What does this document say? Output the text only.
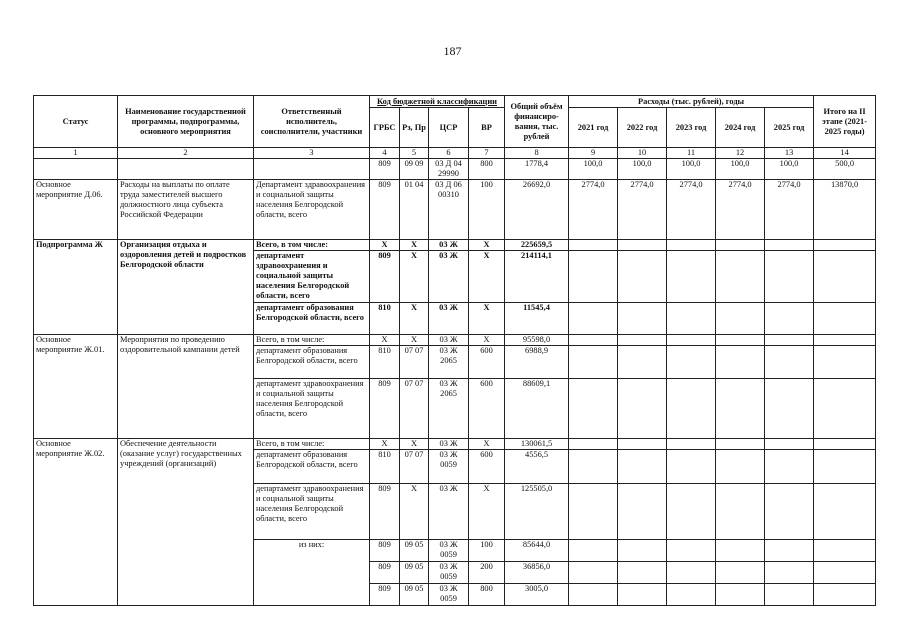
187
Статус	Наименование государственной программы, подпрограммы, основного мероприятия	Ответственный исполнитель, соисполнители, участники	Код бюджетной классификации				Общий объём финансиро-вания, тыс. рублей	Расходы (тыс. рублей), годы					Итого на II этапе (2021-2025 годы)
			ГРБС	Рз, Пр	ЦСР	ВР		2021 год	2022 год	2023 год	2024 год	2025 год	
1	2	3	4	5	6	7	8	9	10	11	12	13	14
			809	09 09	03 Д 04 29990	800	1778,4	100,0	100,0	100,0	100,0	100,0	500,0
Основное мероприятие Д.06.	Расходы на выплаты по оплате труда заместителей высшего должностного лица субъекта Российской Федерации	Департамент здравоохранения и социальной защиты населения Белгородской области, всего	809	01 04	03 Д 06 00310	100	26692,0	2774,0	2774,0	2774,0	2774,0	2774,0	13870,0
Подпрограмма Ж	Организация отдыха и оздоровления детей и подростков Белгородской области	Всего, в том числе:	X	X	03 Ж	X	225659,5						
		департамент здравоохранения и социальной защиты населения Белгородской области, всего	809	X	03 Ж	X	214114,1						
		департамент образования Белгородской области, всего	810	X	03 Ж	X	11545,4						
Основное мероприятие Ж.01.	Мероприятия по проведению оздоровительной кампании детей	Всего, в том числе:	X	X	03 Ж	X	95598,0						
		департамент образования Белгородской области, всего	810	07 07	03 Ж 2065	600	6988,9						
		департамент здравоохранения и социальной защиты населения Белгородской области, всего	809	07 07	03 Ж 2065	600	88609,1						
Основное мероприятие Ж.02.	Обеспечение деятельности (оказание услуг) государственных учреждений (организаций)	Всего, в том числе:	X	X	03 Ж	X	130061,5						
		департамент образования Белгородской области, всего	810	07 07	03 Ж 0059	600	4556,5						
		департамент здравоохранения и социальной защиты населения Белгородской области, всего	809	X	03 Ж	X	125505,0						
		из них:	809	09 05	03 Ж 0059	100	85644,0						
			809	09 05	03 Ж 0059	200	36856,0						
			809	09 05	03 Ж 0059	800	3005,0						
